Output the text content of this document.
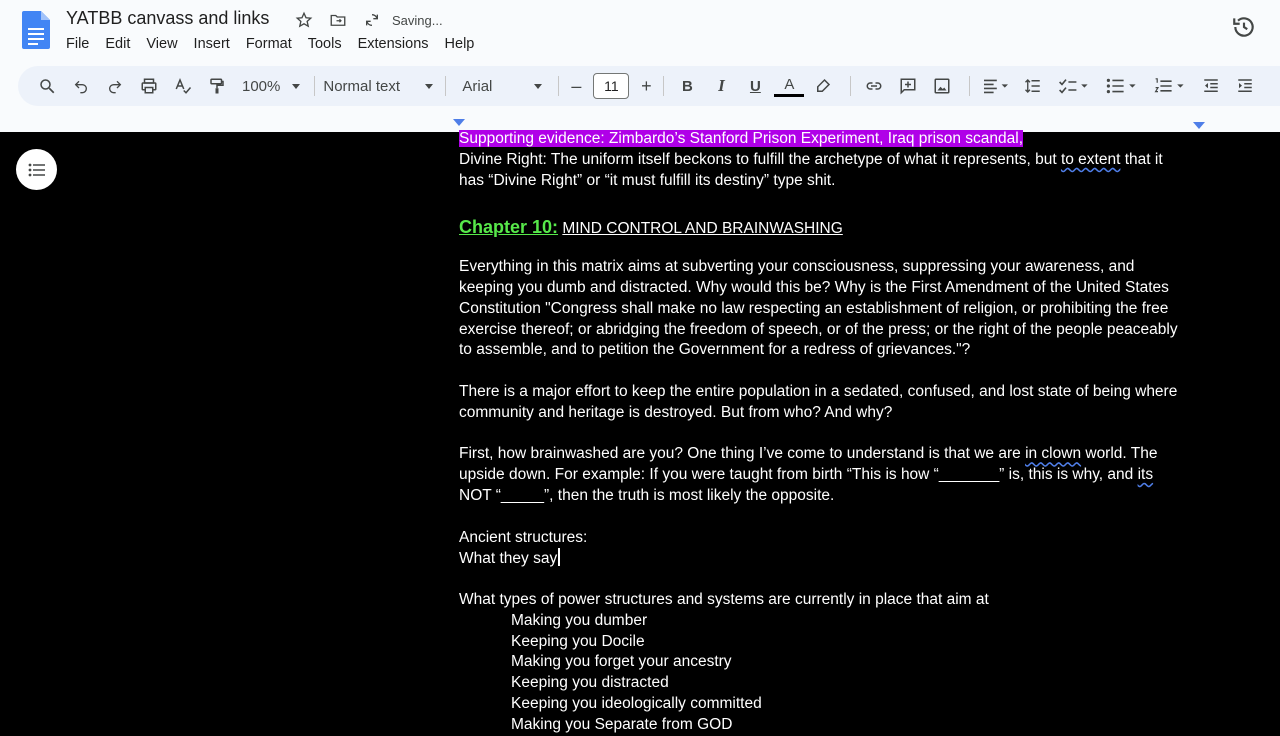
YATBB canvass and links	Saving...
File	Edit	View	Insert	Format	Tools	Extensions	Help
100%	Normal text	Arial	–	11	+	B	I	U	A
Supporting evidence: Zimbardo’s Stanford Prison Experiment, Iraq prison scandal,
Divine Right: The uniform itself beckons to fulfill the archetype of what it represents, but to extent that it
has “Divine Right” or “it must fulfill its destiny” type shit.
Chapter 10: MIND CONTROL AND BRAINWASHING
Everything in this matrix aims at subverting your consciousness, suppressing your awareness, and
keeping you dumb and distracted. Why would this be? Why is the First Amendment of the United States
Constitution "Congress shall make no law respecting an establishment of religion, or prohibiting the free
exercise thereof; or abridging the freedom of speech, or of the press; or the right of the people peaceably
to assemble, and to petition the Government for a redress of grievances."?
There is a major effort to keep the entire population in a sedated, confused, and lost state of being where
community and heritage is destroyed. But from who? And why?
First, how brainwashed are you? One thing I’ve come to understand is that we are in clown world. The
upside down. For example: If you were taught from birth “This is how “_______” is, this is why, and its
NOT “_____”, then the truth is most likely the opposite.
Ancient structures:
What they say
What types of power structures and systems are currently in place that aim at
Making you dumber
Keeping you Docile
Making you forget your ancestry
Keeping you distracted
Keeping you ideologically committed
Making you Separate from GOD
